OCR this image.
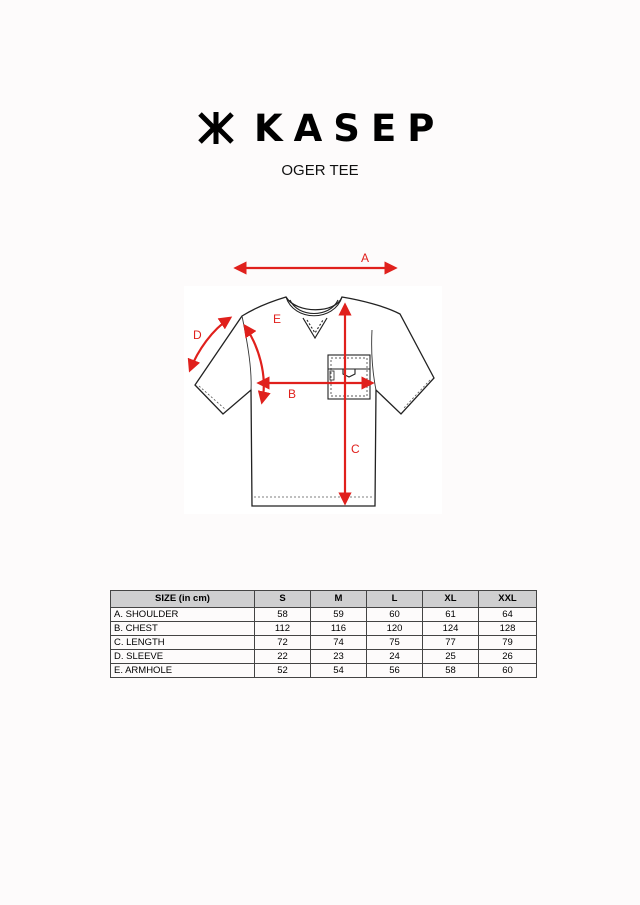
KASEP
OGER TEE
A
B
C
D
E
SIZE (in cm)	S	M	L	XL	XXL
A. SHOULDER	58	59	60	61	64
B. CHEST	112	116	120	124	128
C. LENGTH	72	74	75	77	79
D. SLEEVE	22	23	24	25	26
E. ARMHOLE	52	54	56	58	60
